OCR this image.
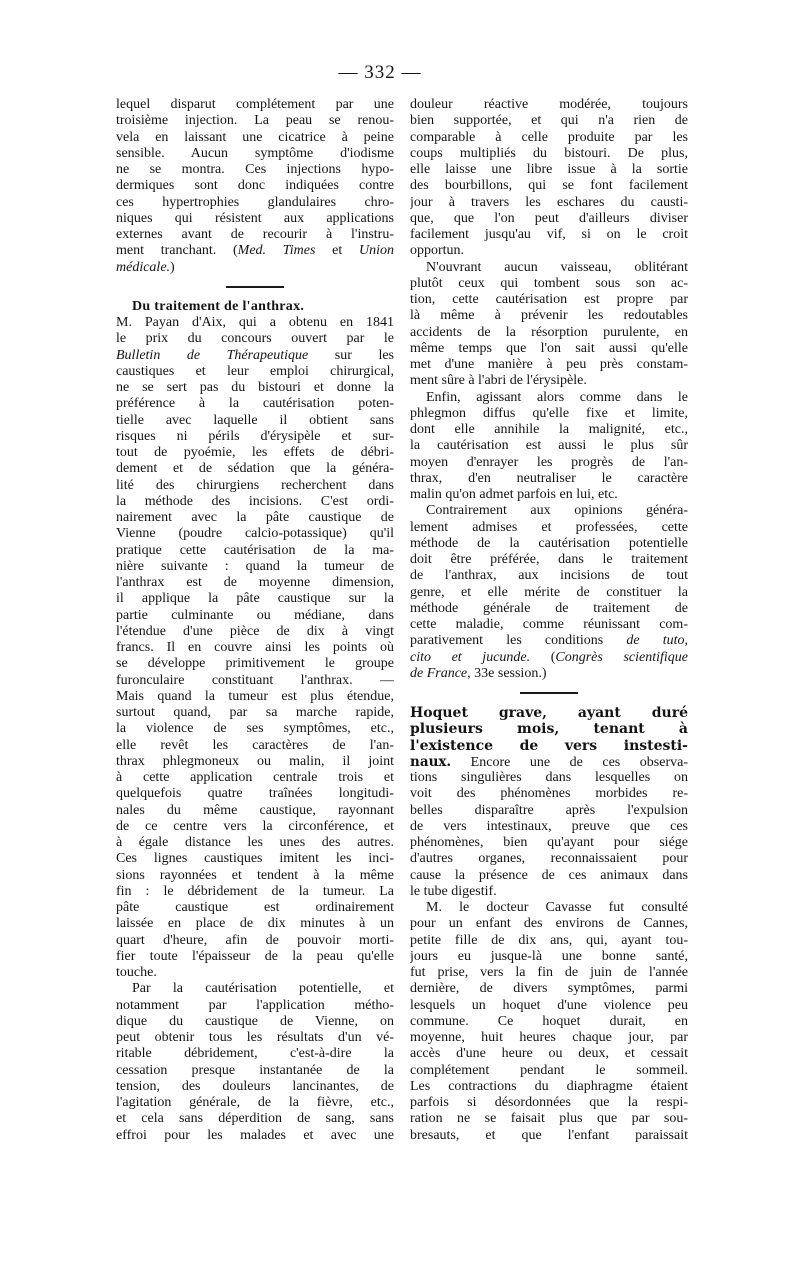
— 332 —
lequel disparut complétement par une
troisième injection. La peau se renou-
vela en laissant une cicatrice à peine
sensible. Aucun symptôme d'iodisme
ne se montra. Ces injections hypo-
dermiques sont donc indiquées contre
ces hypertrophies glandulaires chro-
niques qui résistent aux applications
externes avant de recourir à l'instru-
ment tranchant. (Med. Times et Union
médicale.)
Du traitement de l'anthrax.
M. Payan d'Aix, qui a obtenu en 1841
le prix du concours ouvert par le
Bulletin de Thérapeutique sur les
caustiques et leur emploi chirurgical,
ne se sert pas du bistouri et donne la
préférence à la cautérisation poten-
tielle avec laquelle il obtient sans
risques ni périls d'érysipèle et sur-
tout de pyoémie, les effets de débri-
dement et de sédation que la généra-
lité des chirurgiens recherchent dans
la méthode des incisions. C'est ordi-
nairement avec la pâte caustique de
Vienne (poudre calcio-potassique) qu'il
pratique cette cautérisation de la ma-
nière suivante : quand la tumeur de
l'anthrax est de moyenne dimension,
il applique la pâte caustique sur la
partie culminante ou médiane, dans
l'étendue d'une pièce de dix à vingt
francs. Il en couvre ainsi les points où
se développe primitivement le groupe
furonculaire constituant l'anthrax. —
Mais quand la tumeur est plus étendue,
surtout quand, par sa marche rapide,
la violence de ses symptômes, etc.,
elle revêt les caractères de l'an-
thrax phlegmoneux ou malin, il joint
à cette application centrale trois et
quelquefois quatre traînées longitudi-
nales du même caustique, rayonnant
de ce centre vers la circonférence, et
à égale distance les unes des autres.
Ces lignes caustiques imitent les inci-
sions rayonnées et tendent à la même
fin : le débridement de la tumeur. La
pâte caustique est ordinairement
laissée en place de dix minutes à un
quart d'heure, afin de pouvoir morti-
fier toute l'épaisseur de la peau qu'elle
touche.
Par la cautérisation potentielle, et
notamment par l'application métho-
dique du caustique de Vienne, on
peut obtenir tous les résultats d'un vé-
ritable débridement, c'est-à-dire la
cessation presque instantanée de la
tension, des douleurs lancinantes, de
l'agitation générale, de la fièvre, etc.,
et cela sans déperdition de sang, sans
effroi pour les malades et avec une
douleur réactive modérée, toujours
bien supportée, et qui n'a rien de
comparable à celle produite par les
coups multipliés du bistouri. De plus,
elle laisse une libre issue à la sortie
des bourbillons, qui se font facilement
jour à travers les eschares du causti-
que, que l'on peut d'ailleurs diviser
facilement jusqu'au vif, si on le croit
opportun.
N'ouvrant aucun vaisseau, oblitérant
plutôt ceux qui tombent sous son ac-
tion, cette cautérisation est propre par
là même à prévenir les redoutables
accidents de la résorption purulente, en
même temps que l'on sait aussi qu'elle
met d'une manière à peu près constam-
ment sûre à l'abri de l'érysipèle.
Enfin, agissant alors comme dans le
phlegmon diffus qu'elle fixe et limite,
dont elle annihile la malignité, etc.,
la cautérisation est aussi le plus sûr
moyen d'enrayer les progrès de l'an-
thrax, d'en neutraliser le caractère
malin qu'on admet parfois en lui, etc.
Contrairement aux opinions généra-
lement admises et professées, cette
méthode de la cautérisation potentielle
doit être préférée, dans le traitement
de l'anthrax, aux incisions de tout
genre, et elle mérite de constituer la
méthode générale de traitement de
cette maladie, comme réunissant com-
parativement les conditions de tuto,
cito et jucunde. (Congrès scientifique
de France, 33e session.)
Hoquet grave, ayant duré
plusieurs mois, tenant à
l'existence de vers instesti-
naux. Encore une de ces observa-
tions singulières dans lesquelles on
voit des phénomènes morbides re-
belles disparaître après l'expulsion
de vers intestinaux, preuve que ces
phénomènes, bien qu'ayant pour siége
d'autres organes, reconnaissaient pour
cause la présence de ces animaux dans
le tube digestif.
M. le docteur Cavasse fut consulté
pour un enfant des environs de Cannes,
petite fille de dix ans, qui, ayant tou-
jours eu jusque-là une bonne santé,
fut prise, vers la fin de juin de l'année
dernière, de divers symptômes, parmi
lesquels un hoquet d'une violence peu
commune. Ce hoquet durait, en
moyenne, huit heures chaque jour, par
accès d'une heure ou deux, et cessait
complétement pendant le sommeil.
Les contractions du diaphragme étaient
parfois si désordonnées que la respi-
ration ne se faisait plus que par sou-
bresauts, et que l'enfant paraissait
